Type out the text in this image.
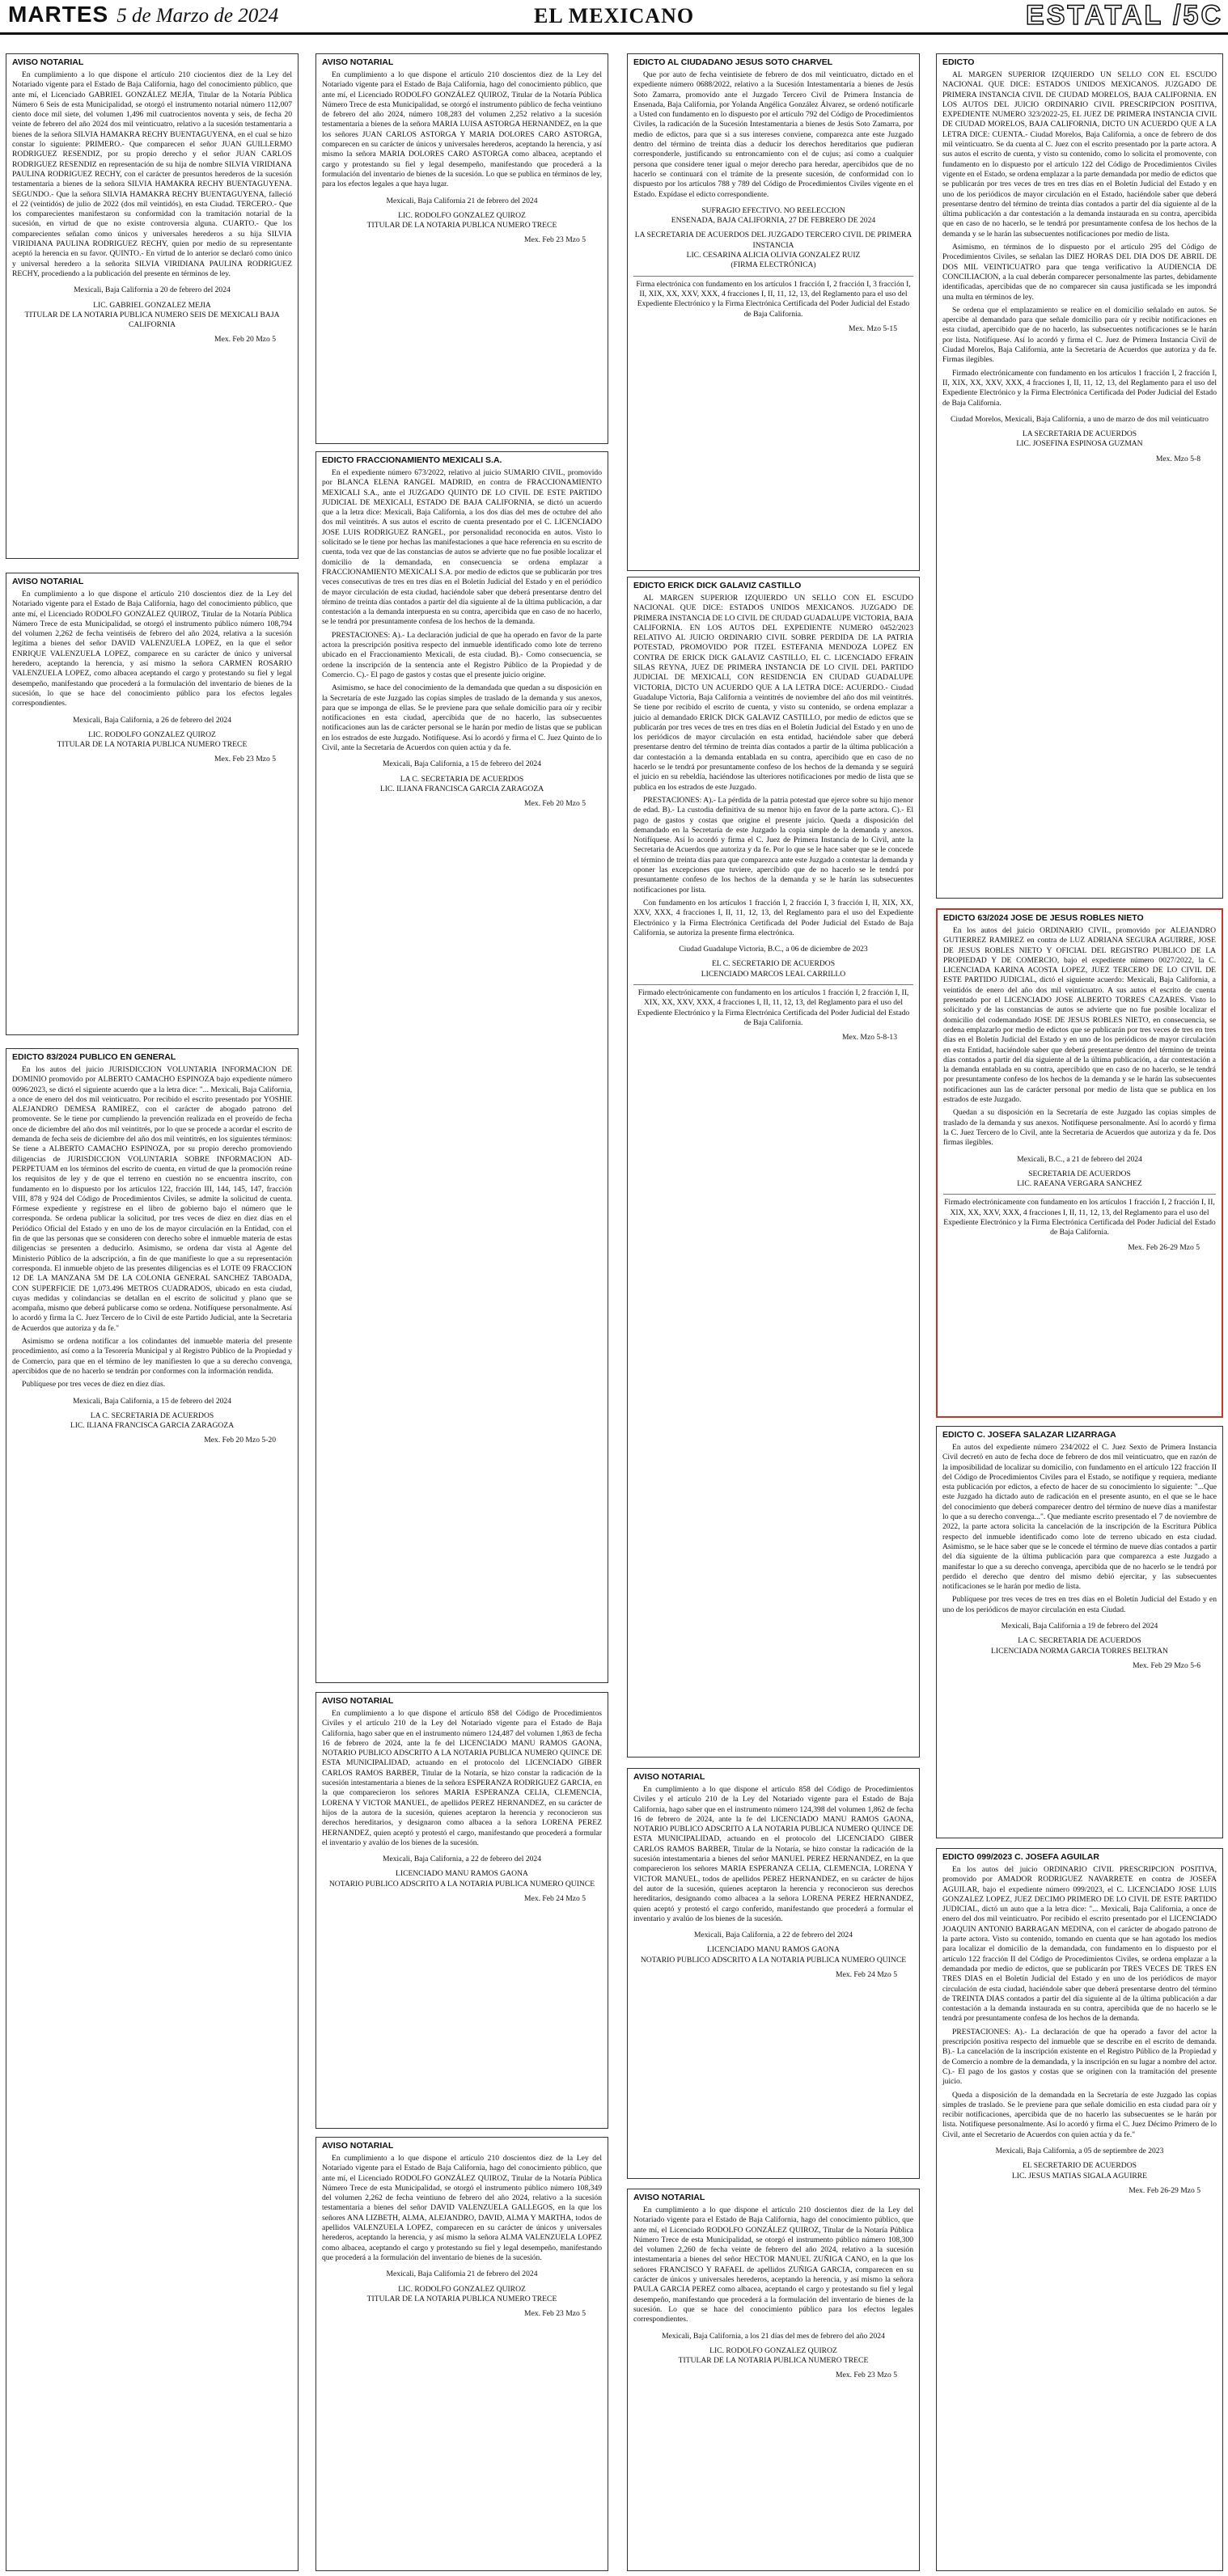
MARTES 5 de Marzo de 2024	EL MEXICANO	ESTATAL /5C
AVISO NOTARIAL

En cumplimiento a lo que dispone el artículo 210 ciocientos diez de la Ley del Notariado vigente para el Estado de Baja California, hago del conocimiento público, que ante mí, el Licenciado GABRIEL GONZÁLEZ MEJÍA, Titular de la Notaría Pública Número 6 Seis de esta Municipalidad, se otorgó el instrumento notarial número 112,007 ciento doce mil siete, del volumen 1,496 mil cuatrocientos noventa y seis, de fecha 20 veinte de febrero del año 2024 dos mil veinticuatro, relativo a la sucesión testamentaria a bienes de la señora SILVIA HAMAKRA RECHY BUENTAGUYENA, en el cual se hizo constar lo siguiente: PRIMERO.- Que comparecen el señor JUAN GUILLERMO RODRIGUEZ RESENDIZ, por su propio derecho y el señor JUAN CARLOS RODRIGUEZ RESENDIZ en representación de su hija de nombre SILVIA VIRIDIANA PAULINA RODRIGUEZ RECHY, con el carácter de presuntos herederos de la sucesión testamentaria a bienes de la señora SILVIA HAMAKRA RECHY BUENTAGUYENA. SEGUNDO.- Que la señora SILVIA HAMAKRA RECHY BUENTAGUYENA, falleció el 22 (veintidós) de julio de 2022 (dos mil veintidós), en esta Ciudad. TERCERO.- Que los comparecientes manifestaron su conformidad con la tramitación notarial de la sucesión, en virtud de que no existe controversia alguna. CUARTO.- Que los comparecientes señalan como únicos y universales herederos a su hija SILVIA VIRIDIANA PAULINA RODRIGUEZ RECHY, quien por medio de su representante aceptó la herencia en su favor. QUINTO.- En virtud de lo anterior se declaró como único y universal heredero a la señorita SILVIA VIRIDIANA PAULINA RODRIGUEZ RECHY, procediendo a la publicación del presente en términos de ley.

Mexicali, Baja California a 20 de febrero del 2024
LIC. GABRIEL GONZALEZ MEJIA
TITULAR DE LA NOTARIA PUBLICA NUMERO SEIS DE MEXICALI BAJA CALIFORNIA
Mex. Feb 20 Mzo 5
AVISO NOTARIAL

En cumplimiento a lo que dispone el artículo 210 doscientos diez de la Ley del Notariado vigente para el Estado de Baja California, hago del conocimiento público, que ante mí, el Licenciado RODOLFO GONZÁLEZ QUIROZ, Titular de la Notaría Pública Número Trece de esta Municipalidad, se otorgó el instrumento público número 108,794 del volumen 2,262 de fecha veintiséis de febrero del año 2024, relativa a la sucesión legítima a bienes del señor DAVID VALENZUELA LOPEZ, en la que el señor ENRIQUE VALENZUELA LOPEZ, comparece en su carácter de único y universal heredero, aceptando la herencia, y así mismo la señora CARMEN ROSARIO VALENZUELA LOPEZ, como albacea aceptando el cargo y protestando su fiel y legal desempeño, manifestando que procederá a la formulación del inventario de bienes de la sucesión, lo que se hace del conocimiento público para los efectos legales correspondientes.

Mexicali, Baja California, a 26 de febrero del 2024
LIC. RODOLFO GONZALEZ QUIROZ
TITULAR DE LA NOTARIA PUBLICA NUMERO TRECE
Mex. Feb 23 Mzo 5
EDICTO 83/2024 PUBLICO EN GENERAL

En los autos del juicio JURISDICCION VOLUNTARIA INFORMACION DE DOMINIO promovido por ALBERTO CAMACHO ESPINOZA bajo expediente número 0096/2023, se dictó el siguiente acuerdo que a la letra dice: "... Mexicali, Baja California, a once de enero del dos mil veinticuatro. Por recibido el escrito presentado por YOSHIE ALEJANDRO DEMESA RAMIREZ, con el carácter de abogado patrono del promovente. Se le tiene por cumpliendo la prevención realizada en el proveído de fecha once de diciembre del año dos mil veintitrés, por lo que se procede a acordar el escrito de demanda de fecha seis de diciembre del año dos mil veintitrés, en los siguientes términos: Se tiene a ALBERTO CAMACHO ESPINOZA, por su propio derecho promoviendo diligencias de JURISDICCION VOLUNTARIA SOBRE INFORMACION AD-PERPETUAM en los términos del escrito de cuenta, en virtud de que la promoción reúne los requisitos de ley y de que el terreno en cuestión no se encuentra inscrito, con fundamento en lo dispuesto por los artículos 122, fracción III, 144, 145, 147, fracción VIII, 878 y 924 del Código de Procedimientos Civiles, se admite la solicitud de cuenta. Fórmese expediente y regístrese en el libro de gobierno bajo el número que le corresponda. Se ordena publicar la solicitud, por tres veces de diez en diez días en el Periódico Oficial del Estado y en uno de los de mayor circulación en la Entidad, con el fin de que las personas que se consideren con derecho sobre el inmueble materia de estas diligencias se presenten a deducirlo. Asimismo, se ordena dar vista al Agente del Ministerio Público de la adscripción, a fin de que manifieste lo que a su representación corresponda. El inmueble objeto de las presentes diligencias es el LOTE 09 FRACCION 12 DE LA MANZANA 5M DE LA COLONIA GENERAL SANCHEZ TABOADA, CON SUPERFICIE DE 1,073.496 METROS CUADRADOS, ubicado en esta ciudad, cuyas medidas y colindancias se detallan en el escrito de solicitud y plano que se acompaña, mismo que deberá publicarse como se ordena. Notifíquese personalmente. Así lo acordó y firma la C. Juez Tercero de lo Civil de este Partido Judicial, ante la Secretaria de Acuerdos que autoriza y da fe."

Asimismo se ordena notificar a los colindantes del inmueble materia del presente procedimiento, así como a la Tesorería Municipal y al Registro Público de la Propiedad y de Comercio, para que en el término de ley manifiesten lo que a su derecho convenga, apercibidos que de no hacerlo se tendrán por conformes con la información rendida.

Publíquese por tres veces de diez en diez días.

Mexicali, Baja California, a 15 de febrero del 2024
LA C. SECRETARIA DE ACUERDOS
LIC. ILIANA FRANCISCA GARCIA ZARAGOZA
Mex. Feb 20 Mzo 5-20
AVISO NOTARIAL

En cumplimiento a lo que dispone el artículo 210 doscientos diez de la Ley del Notariado vigente para el Estado de Baja California, hago del conocimiento público, que ante mí, el Licenciado RODOLFO GONZÁLEZ QUIROZ, Titular de la Notaría Pública Número Trece de esta Municipalidad, se otorgó el instrumento público de fecha veintiuno de febrero del año 2024, número 108,283 del volumen 2,252 relativo a la sucesión testamentaria a bienes de la señora MARIA LUISA ASTORGA HERNANDEZ, en la que los señores JUAN CARLOS ASTORGA Y MARIA DOLORES CARO ASTORGA, comparecen en su carácter de únicos y universales herederos, aceptando la herencia, y así mismo la señora MARIA DOLORES CARO ASTORGA como albacea, aceptando el cargo y protestando su fiel y legal desempeño, manifestando que procederá a la formulación del inventario de bienes de la sucesión. Lo que se publica en términos de ley, para los efectos legales a que haya lugar.

Mexicali, Baja California 21 de febrero del 2024
LIC. RODOLFO GONZALEZ QUIROZ
TITULAR DE LA NOTARIA PUBLICA NUMERO TRECE
Mex. Feb 23 Mzo 5
EDICTO FRACCIONAMIENTO MEXICALI S.A.

En el expediente número 673/2022, relativo al juicio SUMARIO CIVIL, promovido por BLANCA ELENA RANGEL MADRID, en contra de FRACCIONAMIENTO MEXICALI S.A., ante el JUZGADO QUINTO DE LO CIVIL DE ESTE PARTIDO JUDICIAL DE MEXICALI, ESTADO DE BAJA CALIFORNIA, se dictó un acuerdo que a la letra dice: Mexicali, Baja California, a los dos días del mes de octubre del año dos mil veintitrés. A sus autos el escrito de cuenta presentado por el C. LICENCIADO JOSE LUIS RODRIGUEZ RANGEL, por personalidad reconocida en autos. Visto lo solicitado se le tiene por hechas las manifestaciones a que hace referencia en su escrito de cuenta, toda vez que de las constancias de autos se advierte que no fue posible localizar el domicilio de la demandada, en consecuencia se ordena emplazar a FRACCIONAMIENTO MEXICALI S.A. por medio de edictos que se publicarán por tres veces consecutivas de tres en tres días en el Boletín Judicial del Estado y en el periódico de mayor circulación de esta ciudad, haciéndole saber que deberá presentarse dentro del término de treinta días contados a partir del día siguiente al de la última publicación, a dar contestación a la demanda interpuesta en su contra, apercibida que en caso de no hacerlo, se le tendrá por presuntamente confesa de los hechos de la demanda.

PRESTACIONES: A).- La declaración judicial de que ha operado en favor de la parte actora la prescripción positiva respecto del inmueble identificado como lote de terreno ubicado en el Fraccionamiento Mexicali, de esta ciudad. B).- Como consecuencia, se ordene la inscripción de la sentencia ante el Registro Público de la Propiedad y de Comercio. C).- El pago de gastos y costas que el presente juicio origine.

Asimismo, se hace del conocimiento de la demandada que quedan a su disposición en la Secretaría de este Juzgado las copias simples de traslado de la demanda y sus anexos, para que se imponga de ellas. Se le previene para que señale domicilio para oír y recibir notificaciones en esta ciudad, apercibida que de no hacerlo, las subsecuentes notificaciones aun las de carácter personal se le harán por medio de listas que se publican en los estrados de este Juzgado. Notifíquese. Así lo acordó y firma el C. Juez Quinto de lo Civil, ante la Secretaria de Acuerdos con quien actúa y da fe.

Mexicali, Baja California, a 15 de febrero del 2024
LA C. SECRETARIA DE ACUERDOS
LIC. ILIANA FRANCISCA GARCIA ZARAGOZA
Mex. Feb 20 Mzo 5
AVISO NOTARIAL

En cumplimiento a lo que dispone el artículo 858 del Código de Procedimientos Civiles y el artículo 210 de la Ley del Notariado vigente para el Estado de Baja California, hago saber que en el instrumento número 124,487 del volumen 1,863 de fecha 16 de febrero de 2024, ante la fe del LICENCIADO MANU RAMOS GAONA, NOTARIO PUBLICO ADSCRITO A LA NOTARIA PUBLICA NUMERO QUINCE DE ESTA MUNICIPALIDAD, actuando en el protocolo del LICENCIADO GIBER CARLOS RAMOS BARBER, Titular de la Notaría, se hizo constar la radicación de la sucesión intestamentaria a bienes de la señora ESPERANZA RODRIGUEZ GARCIA, en la que comparecieron los señores MARIA ESPERANZA CELIA, CLEMENCIA, LORENA Y VICTOR MANUEL, de apellidos PEREZ HERNANDEZ, en su carácter de hijos de la autora de la sucesión, quienes aceptaron la herencia y reconocieron sus derechos hereditarios, y designaron como albacea a la señora LORENA PEREZ HERNANDEZ, quien aceptó y protestó el cargo, manifestando que procederá a formular el inventario y avalúo de los bienes de la sucesión.

Mexicali, Baja California, a 22 de febrero del 2024
LICENCIADO MANU RAMOS GAONA
NOTARIO PUBLICO ADSCRITO A LA NOTARIA PUBLICA NUMERO QUINCE
Mex. Feb 24 Mzo 5
AVISO NOTARIAL

En cumplimiento a lo que dispone el artículo 210 doscientos diez de la Ley del Notariado vigente para el Estado de Baja California, hago del conocimiento público, que ante mí, el Licenciado RODOLFO GONZÁLEZ QUIROZ, Titular de la Notaría Pública Número Trece de esta Municipalidad, se otorgó el instrumento público número 108,349 del volumen 2,262 de fecha veintiuno de febrero del año 2024, relativo a la sucesión testamentaria a bienes del señor DAVID VALENZUELA GALLEGOS, en la que los señores ANA LIZBETH, ALMA, ALEJANDRO, DAVID, ALMA Y MARTHA, todos de apellidos VALENZUELA LOPEZ, comparecen en su carácter de únicos y universales herederos, aceptando la herencia, y así mismo la señora ALMA VALENZUELA LOPEZ como albacea, aceptando el cargo y protestando su fiel y legal desempeño, manifestando que procederá a la formulación del inventario de bienes de la sucesión.

Mexicali, Baja California 21 de febrero del 2024
LIC. RODOLFO GONZALEZ QUIROZ
TITULAR DE LA NOTARIA PUBLICA NUMERO TRECE
Mex. Feb 23 Mzo 5
EDICTO AL CIUDADANO JESUS SOTO CHARVEL

Que por auto de fecha veintisiete de febrero de dos mil veinticuatro, dictado en el expediente número 0688/2022, relativo a la Sucesión Intestamentaria a bienes de Jesús Soto Zamarra, promovido ante el Juzgado Tercero Civil de Primera Instancia de Ensenada, Baja California, por Yolanda Angélica González Álvarez, se ordenó notificarle a Usted con fundamento en lo dispuesto por el artículo 792 del Código de Procedimientos Civiles, la radicación de la Sucesión Intestamentaria a bienes de Jesús Soto Zamarra, por medio de edictos, para que si a sus intereses conviene, comparezca ante este Juzgado dentro del término de treinta días a deducir los derechos hereditarios que pudieran corresponderle, justificando su entroncamiento con el de cujus; así como a cualquier persona que considere tener igual o mejor derecho para heredar, apercibidos que de no hacerlo se continuará con el trámite de la presente sucesión, de conformidad con lo dispuesto por los artículos 788 y 789 del Código de Procedimientos Civiles vigente en el Estado. Expídase el edicto correspondiente.

SUFRAGIO EFECTIVO. NO REELECCION
ENSENADA, BAJA CALIFORNIA, 27 DE FEBRERO DE 2024
LA SECRETARIA DE ACUERDOS DEL JUZGADO TERCERO CIVIL DE PRIMERA INSTANCIA
LIC. CESARINA ALICIA OLIVIA GONZALEZ RUIZ
(FIRMA ELECTRÓNICA)
Firma electrónica con fundamento en los artículos 1 fracción I, 2 fracción I, 3 fracción I, II, XIX, XX, XXV, XXX, 4 fracciones I, II, 11, 12, 13, del Reglamento para el uso del Expediente Electrónico y la Firma Electrónica Certificada del Poder Judicial del Estado de Baja California.
Mex. Mzo 5-15
EDICTO ERICK DICK GALAVIZ CASTILLO

AL MARGEN SUPERIOR IZQUIERDO UN SELLO CON EL ESCUDO NACIONAL QUE DICE: ESTADOS UNIDOS MEXICANOS. JUZGADO DE PRIMERA INSTANCIA DE LO CIVIL DE CIUDAD GUADALUPE VICTORIA, BAJA CALIFORNIA. EN LOS AUTOS DEL EXPEDIENTE NUMERO 0452/2023 RELATIVO AL JUICIO ORDINARIO CIVIL SOBRE PERDIDA DE LA PATRIA POTESTAD, PROMOVIDO POR ITZEL ESTEFANIA MENDOZA LOPEZ EN CONTRA DE ERICK DICK GALAVIZ CASTILLO, EL C. LICENCIADO EFRAIN SILAS REYNA, JUEZ DE PRIMERA INSTANCIA DE LO CIVIL DEL PARTIDO JUDICIAL DE MEXICALI, CON RESIDENCIA EN CIUDAD GUADALUPE VICTORIA, DICTO UN ACUERDO QUE A LA LETRA DICE: ACUERDO.- Ciudad Guadalupe Victoria, Baja California a veintitrés de noviembre del año dos mil veintitrés. Se tiene por recibido el escrito de cuenta, y visto su contenido, se ordena emplazar a juicio al demandado ERICK DICK GALAVIZ CASTILLO, por medio de edictos que se publicarán por tres veces de tres en tres días en el Boletín Judicial del Estado y en uno de los periódicos de mayor circulación en esta entidad, haciéndole saber que deberá presentarse dentro del término de treinta días contados a partir de la última publicación a dar contestación a la demanda entablada en su contra, apercibido que en caso de no hacerlo se le tendrá por presuntamente confeso de los hechos de la demanda y se seguirá el juicio en su rebeldía, haciéndose las ulteriores notificaciones por medio de lista que se publica en los estrados de este Juzgado.

PRESTACIONES: A).- La pérdida de la patria potestad que ejerce sobre su hijo menor de edad. B).- La custodia definitiva de su menor hijo en favor de la parte actora. C).- El pago de gastos y costas que origine el presente juicio. Queda a disposición del demandado en la Secretaría de este Juzgado la copia simple de la demanda y anexos. Notifíquese. Así lo acordó y firma el C. Juez de Primera Instancia de lo Civil, ante la Secretaria de Acuerdos que autoriza y da fe. Por lo que se le hace saber que se le concede el término de treinta días para que comparezca ante este Juzgado a contestar la demanda y oponer las excepciones que tuviere, apercibido que de no hacerlo se le tendrá por presuntamente confeso de los hechos de la demanda y se le harán las subsecuentes notificaciones por lista.

Con fundamento en los artículos 1 fracción I, 2 fracción I, 3 fracción I, II, XIX, XX, XXV, XXX, 4 fracciones I, II, 11, 12, 13, del Reglamento para el uso del Expediente Electrónico y la Firma Electrónica Certificada del Poder Judicial del Estado de Baja California, se autoriza la presente firma electrónica.

Ciudad Guadalupe Victoria, B.C., a 06 de diciembre de 2023
EL C. SECRETARIO DE ACUERDOS
LICENCIADO MARCOS LEAL CARRILLO
Firmado electrónicamente con fundamento en los artículos 1 fracción I, 2 fracción I, II, XIX, XX, XXV, XXX, 4 fracciones I, II, 11, 12, 13, del Reglamento para el uso del Expediente Electrónico y la Firma Electrónica Certificada del Poder Judicial del Estado de Baja California.
Mex. Mzo 5-8-13
AVISO NOTARIAL

En cumplimiento a lo que dispone el artículo 858 del Código de Procedimientos Civiles y el artículo 210 de la Ley del Notariado vigente para el Estado de Baja California, hago saber que en el instrumento número 124,398 del volumen 1,862 de fecha 16 de febrero de 2024, ante la fe del LICENCIADO MANU RAMOS GAONA, NOTARIO PUBLICO ADSCRITO A LA NOTARIA PUBLICA NUMERO QUINCE DE ESTA MUNICIPALIDAD, actuando en el protocolo del LICENCIADO GIBER CARLOS RAMOS BARBER, Titular de la Notaría, se hizo constar la radicación de la sucesión intestamentaria a bienes del señor MANUEL PEREZ HERNANDEZ, en la que comparecieron los señores MARIA ESPERANZA CELIA, CLEMENCIA, LORENA Y VICTOR MANUEL, todos de apellidos PEREZ HERNANDEZ, en su carácter de hijos del autor de la sucesión, quienes aceptaron la herencia y reconocieron sus derechos hereditarios, designando como albacea a la señora LORENA PEREZ HERNANDEZ, quien aceptó y protestó el cargo conferido, manifestando que procederá a formular el inventario y avalúo de los bienes de la sucesión.

Mexicali, Baja California, a 22 de febrero del 2024
LICENCIADO MANU RAMOS GAONA
NOTARIO PUBLICO ADSCRITO A LA NOTARIA PUBLICA NUMERO QUINCE
Mex. Feb 24 Mzo 5
AVISO NOTARIAL

En cumplimiento a lo que dispone el artículo 210 doscientos diez de la Ley del Notariado vigente para el Estado de Baja California, hago del conocimiento público, que ante mí, el Licenciado RODOLFO GONZÁLEZ QUIROZ, Titular de la Notaría Pública Número Trece de esta Municipalidad, se otorgó el instrumento público número 108,300 del volumen 2,260 de fecha veinte de febrero del año 2024, relativo a la sucesión intestamentaria a bienes del señor HECTOR MANUEL ZUÑIGA CANO, en la que los señores FRANCISCO Y RAFAEL de apellidos ZUÑIGA GARCIA, comparecen en su carácter de únicos y universales herederos, aceptando la herencia, y así mismo la señora PAULA GARCIA PEREZ como albacea, aceptando el cargo y protestando su fiel y legal desempeño, manifestando que procederá a la formulación del inventario de bienes de la sucesión. Lo que se hace del conocimiento público para los efectos legales correspondientes.

Mexicali, Baja California, a los 21 días del mes de febrero del año 2024
LIC. RODOLFO GONZALEZ QUIROZ
TITULAR DE LA NOTARIA PUBLICA NUMERO TRECE
Mex. Feb 23 Mzo 5
EDICTO

AL MARGEN SUPERIOR IZQUIERDO UN SELLO CON EL ESCUDO NACIONAL QUE DICE: ESTADOS UNIDOS MEXICANOS. JUZGADO DE PRIMERA INSTANCIA CIVIL DE CIUDAD MORELOS, BAJA CALIFORNIA. EN LOS AUTOS DEL JUICIO ORDINARIO CIVIL PRESCRIPCION POSITIVA, EXPEDIENTE NUMERO 323/2022-25, EL JUEZ DE PRIMERA INSTANCIA CIVIL DE CIUDAD MORELOS, BAJA CALIFORNIA, DICTO UN ACUERDO QUE A LA LETRA DICE: CUENTA.- Ciudad Morelos, Baja California, a once de febrero de dos mil veinticuatro. Se da cuenta al C. Juez con el escrito presentado por la parte actora. A sus autos el escrito de cuenta, y visto su contenido, como lo solicita el promovente, con fundamento en lo dispuesto por el artículo 122 del Código de Procedimientos Civiles vigente en el Estado, se ordena emplazar a la parte demandada por medio de edictos que se publicarán por tres veces de tres en tres días en el Boletín Judicial del Estado y en uno de los periódicos de mayor circulación en el Estado, haciéndole saber que deberá presentarse dentro del término de treinta días contados a partir del día siguiente al de la última publicación a dar contestación a la demanda instaurada en su contra, apercibida que en caso de no hacerlo, se le tendrá por presuntamente confesa de los hechos de la demanda y se le harán las subsecuentes notificaciones por medio de lista.

Asimismo, en términos de lo dispuesto por el artículo 295 del Código de Procedimientos Civiles, se señalan las DIEZ HORAS DEL DIA DOS DE ABRIL DE DOS MIL VEINTICUATRO para que tenga verificativo la AUDIENCIA DE CONCILIACION, a la cual deberán comparecer personalmente las partes, debidamente identificadas, apercibidas que de no comparecer sin causa justificada se les impondrá una multa en términos de ley.

Se ordena que el emplazamiento se realice en el domicilio señalado en autos. Se apercibe al demandado para que señale domicilio para oír y recibir notificaciones en esta ciudad, apercibido que de no hacerlo, las subsecuentes notificaciones se le harán por lista. Notifíquese. Así lo acordó y firma el C. Juez de Primera Instancia Civil de Ciudad Morelos, Baja California, ante la Secretaria de Acuerdos que autoriza y da fe. Firmas ilegibles.

Firmado electrónicamente con fundamento en los artículos 1 fracción I, 2 fracción I, II, XIX, XX, XXV, XXX, 4 fracciones I, II, 11, 12, 13, del Reglamento para el uso del Expediente Electrónico y la Firma Electrónica Certificada del Poder Judicial del Estado de Baja California.

Ciudad Morelos, Mexicali, Baja California, a uno de marzo de dos mil veinticuatro
LA SECRETARIA DE ACUERDOS
LIC. JOSEFINA ESPINOSA GUZMAN
Mex. Mzo 5-8
EDICTO 63/2024 JOSE DE JESUS ROBLES NIETO

En los autos del juicio ORDINARIO CIVIL, promovido por ALEJANDRO GUTIERREZ RAMIREZ en contra de LUZ ADRIANA SEGURA AGUIRRE, JOSE DE JESUS ROBLES NIETO Y OFICIAL DEL REGISTRO PUBLICO DE LA PROPIEDAD Y DE COMERCIO, bajo el expediente número 0027/2022, la C. LICENCIADA KARINA ACOSTA LOPEZ, JUEZ TERCERO DE LO CIVIL DE ESTE PARTIDO JUDICIAL, dictó el siguiente acuerdo: Mexicali, Baja California, a veintidós de enero del año dos mil veinticuatro. A sus autos el escrito de cuenta presentado por el LICENCIADO JOSE ALBERTO TORRES CAZARES. Visto lo solicitado y de las constancias de autos se advierte que no fue posible localizar el domicilio del codemandado JOSE DE JESUS ROBLES NIETO, en consecuencia, se ordena emplazarlo por medio de edictos que se publicarán por tres veces de tres en tres días en el Boletín Judicial del Estado y en uno de los periódicos de mayor circulación en esta Entidad, haciéndole saber que deberá presentarse dentro del término de treinta días contados a partir del día siguiente al de la última publicación, a dar contestación a la demanda entablada en su contra, apercibido que en caso de no hacerlo, se le tendrá por presuntamente confeso de los hechos de la demanda y se le harán las subsecuentes notificaciones aun las de carácter personal por medio de lista que se publica en los estrados de este Juzgado.

Quedan a su disposición en la Secretaría de este Juzgado las copias simples de traslado de la demanda y sus anexos. Notifíquese personalmente. Así lo acordó y firma la C. Juez Tercero de lo Civil, ante la Secretaria de Acuerdos que autoriza y da fe. Dos firmas ilegibles.

Mexicali, B.C., a 21 de febrero del 2024
SECRETARIA DE ACUERDOS
LIC. RAEANA VERGARA SANCHEZ
Firmado electrónicamente con fundamento en los artículos 1 fracción I, 2 fracción I, II, XIX, XX, XXV, XXX, 4 fracciones I, II, 11, 12, 13, del Reglamento para el uso del Expediente Electrónico y la Firma Electrónica Certificada del Poder Judicial del Estado de Baja California.
Mex. Feb 26-29 Mzo 5
EDICTO C. JOSEFA SALAZAR LIZARRAGA

En autos del expediente número 234/2022 el C. Juez Sexto de Primera Instancia Civil decretó en auto de fecha doce de febrero de dos mil veinticuatro, que en razón de la imposibilidad de localizar su domicilio, con fundamento en el artículo 122 fracción II del Código de Procedimientos Civiles para el Estado, se notifique y requiera, mediante esta publicación por edictos, a efecto de hacer de su conocimiento lo siguiente: "...Que este Juzgado ha dictado auto de radicación en el presente asunto, en el que se le hace del conocimiento que deberá comparecer dentro del término de nueve días a manifestar lo que a su derecho convenga...". Que mediante escrito presentado el 7 de noviembre de 2022, la parte actora solicita la cancelación de la inscripción de la Escritura Pública respecto del inmueble identificado como lote de terreno ubicado en esta ciudad. Asimismo, se le hace saber que se le concede el término de nueve días contados a partir del día siguiente de la última publicación para que comparezca a este Juzgado a manifestar lo que a su derecho convenga, apercibida que de no hacerlo se le tendrá por perdido el derecho que dentro del mismo debió ejercitar, y las subsecuentes notificaciones se le harán por medio de lista.

Publíquese por tres veces de tres en tres días en el Boletín Judicial del Estado y en uno de los periódicos de mayor circulación en esta Ciudad.

Mexicali, Baja California a 19 de febrero del 2024
LA C. SECRETARIA DE ACUERDOS
LICENCIADA NORMA GARCIA TORRES BELTRAN
Mex. Feb 29 Mzo 5-6
EDICTO 099/2023 C. JOSEFA AGUILAR

En los autos del juicio ORDINARIO CIVIL PRESCRIPCION POSITIVA, promovido por AMADOR RODRIGUEZ NAVARRETE en contra de JOSEFA AGUILAR, bajo el expediente número 099/2023, el C. LICENCIADO JOSE LUIS GONZALEZ LOPEZ, JUEZ DECIMO PRIMERO DE LO CIVIL DE ESTE PARTIDO JUDICIAL, dictó un auto que a la letra dice: "... Mexicali, Baja California, a once de enero del dos mil veinticuatro. Por recibido el escrito presentado por el LICENCIADO JOAQUIN ANTONIO BARRAGAN MEDINA, con el carácter de abogado patrono de la parte actora. Visto su contenido, tomando en cuenta que se han agotado los medios para localizar el domicilio de la demandada, con fundamento en lo dispuesto por el artículo 122 fracción II del Código de Procedimientos Civiles, se ordena emplazar a la demandada por medio de edictos, que se publicarán por TRES VECES DE TRES EN TRES DIAS en el Boletín Judicial del Estado y en uno de los periódicos de mayor circulación de esta ciudad, haciéndole saber que deberá presentarse dentro del término de TREINTA DIAS contados a partir del día siguiente al de la última publicación a dar contestación a la demanda instaurada en su contra, apercibida que de no hacerlo se le tendrá por presuntamente confesa de los hechos de la demanda.

PRESTACIONES: A).- La declaración de que ha operado a favor del actor la prescripción positiva respecto del inmueble que se describe en el escrito de demanda. B).- La cancelación de la inscripción existente en el Registro Público de la Propiedad y de Comercio a nombre de la demandada, y la inscripción en su lugar a nombre del actor. C).- El pago de los gastos y costas que se originen con la tramitación del presente juicio.

Queda a disposición de la demandada en la Secretaría de este Juzgado las copias simples de traslado. Se le previene para que señale domicilio en esta ciudad para oír y recibir notificaciones, apercibida que de no hacerlo las subsecuentes se le harán por lista. Notifíquese personalmente. Así lo acordó y firma el C. Juez Décimo Primero de lo Civil, ante el Secretario de Acuerdos con quien actúa y da fe."

Mexicali, Baja California, a 05 de septiembre de 2023
EL SECRETARIO DE ACUERDOS
LIC. JESUS MATIAS SIGALA AGUIRRE
Mex. Feb 26-29 Mzo 5
